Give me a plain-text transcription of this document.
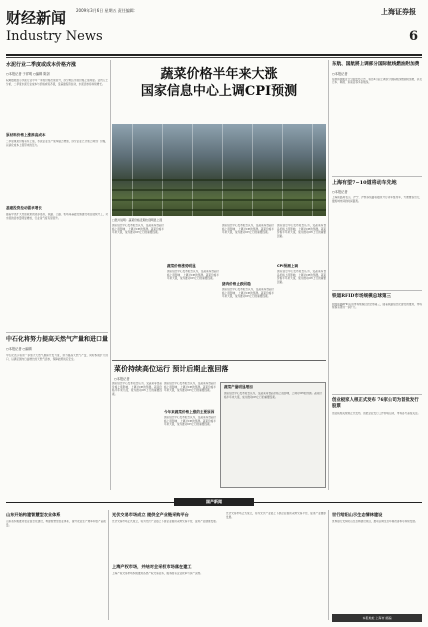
财经新闻
Industry News
2009年3月6日 星期五 责任编辑：	上海证券报
6
水泥行业二季度或成本价格齐涨
○本报记者 于祥明 ○编辑 陈剑
权威数据显示水泥行业今年一季度价格出现回升，部分地区水泥价格上涨明显。业内人士分析，二季度水泥行业成本与价格或将齐涨，受基建投资拉动，水泥需求将持续增长。
原材料价格上涨推高成本
二季度煤炭价格有所上涨，水泥企业生产成本随之增加，部分企业已计划上调出厂价格，以消化成本上涨带来的压力。
基建投资拉动需求增长
随着中央扩大内需政策的逐步落实，铁路、公路、机场等基础设施建设项目陆续开工，对水泥的需求量明显增加，行业景气度有望回升。
中石化将努力提高天然气产量和进口量
○本报记者 ○编辑
中石化表示将进一步加大天然气勘探开发力度，努力提高天然气产量，同时积极扩大进口，以满足国内日益增长的天然气需求，保障能源供应安全。
蔬菜价格半年来大涨
国家信息中心上调CPI预测
□图片说明：蔬菜价格近期出现明显上涨
国家信息中心发布报告认为，受蔬菜等食品价格上涨影响，上调对CPI的预测。蔬菜价格半年来大涨，成为推动CPI上行的重要因素。
蔬菜价格涨势明显
国家信息中心发布报告认为，受蔬菜等食品价格上涨影响，上调对CPI的预测。蔬菜价格半年来大涨，成为推动CPI上行的重要因素。
猪肉价格止跌回稳
国家信息中心发布报告认为，受蔬菜等食品价格上涨影响，上调对CPI的预测。蔬菜价格半年来大涨，成为推动CPI上行的重要因素。
国家信息中心发布报告认为，受蔬菜等食品价格上涨影响，上调对CPI的预测。蔬菜价格半年来大涨，成为推动CPI上行的重要因素。
CPI预测上调
国家信息中心发布报告认为，受蔬菜等食品价格上涨影响，上调对CPI的预测。蔬菜价格半年来大涨，成为推动CPI上行的重要因素。
国家信息中心发布报告认为，受蔬菜等食品价格上涨影响，上调对CPI的预测。蔬菜价格半年来大涨，成为推动CPI上行的重要因素。
菜价持续高位运行 预计后期止涨回落
○本报记者
国家信息中心发布报告认为，受蔬菜等食品价格上涨影响，上调对CPI的预测。蔬菜价格半年来大涨，成为推动CPI上行的重要因素。
今年来蔬菜价格上涨的主要原因
国家信息中心发布报告认为，受蔬菜等食品价格上涨影响，上调对CPI的预测。蔬菜价格半年来大涨，成为推动CPI上行的重要因素。
国家信息中心发布报告认为，受蔬菜等食品价格上涨影响，上调对CPI的预测。蔬菜价格半年来大涨，成为推动CPI上行的重要因素。
蔬菜产量明显增加
国家信息中心发布报告认为，受蔬菜等食品价格上涨影响，上调对CPI的预测。蔬菜价格半年来大涨，成为推动CPI上行的重要因素。
东航、国航將上调部分国际航线燃油附加费
○本报记者
东航和国航近日分别发布公告，将自4月起上调部分国际航线燃油附加费，涉及日本、韩国、东南亚等多条航线。
上海有望7~10道将动车先地
○本报记者
上海铁路局表示，沪宁、沪杭等线路将陆续开行动车组列车，方便旅客出行，缩短城市间的时间距离。
铁道RFID市场规模总球第三
我国铁路RFID应用市场规模位居全球第三，随着铁路信息化建设的推进，市场规模有望进一步扩大。
创业板家人根正式发布 76家公司为首批发行股票
创业板相关规则正式发布，首批企业发行工作即将启动，市场各方高度关注。
国产新闻
山东开始构建智慧型农业体系
山东省积极推进农业信息化建设，构建智慧型农业体系，提升农业生产效率和农产品质量。
光伏交易市场成立 提供全产业链采购平台
光伏交易市场正式成立，将为光伏产业链上下游企业提供采购交易平台，促进产业健康发展。
上海产权市场，并结对全采权市场落在建工
上海产权交易市场积极推进各类产权交易业务，服务国有企业改革与资产流转。
光伏交易市场正式成立，将为光伏产业链上下游企业提供采购交易平台，促进产业健康发展。
世行给阳山示生态情林建设
世界银行支持阳山生态林建设项目，推动区域生态环境改善和可持续发展。
本报地址 上海市 邮编
